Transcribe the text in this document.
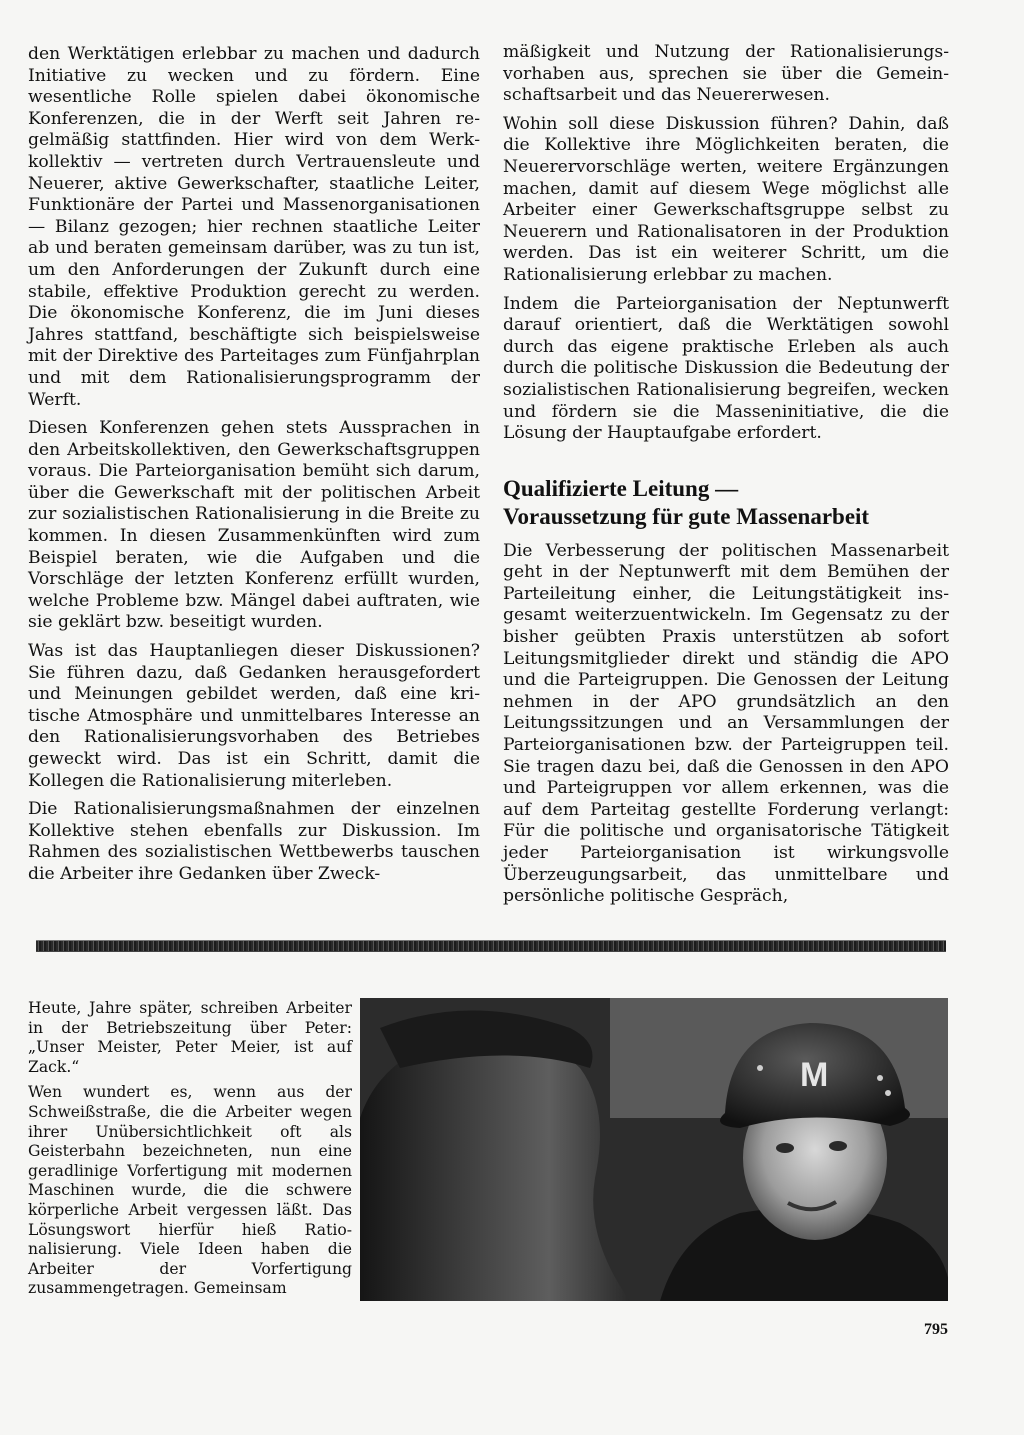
den Werktätigen erlebbar zu machen und dadurch Initiative zu wecken und zu fördern. Eine wesentliche Rolle spielen dabei ökonomische Konferenzen, die in der Werft seit Jahren regelmäßig stattfinden. Hier wird von dem Werkkollektiv — vertreten durch Vertrauensleute und Neuerer, aktive Gewerkschafter, staatliche Leiter, Funktionäre der Partei und Massenorganisationen — Bilanz gezogen; hier rechnen staatliche Leiter ab und beraten gemeinsam darüber, was zu tun ist, um den Anforderungen der Zukunft durch eine stabile, effektive Produktion gerecht zu werden. Die ökonomische Konferenz, die im Juni dieses Jahres stattfand, beschäftigte sich beispielsweise mit der Direktive des Parteitages zum Fünfjahrplan und mit dem Rationalisierungsprogramm der Werft.

Diesen Konferenzen gehen stets Aussprachen in den Arbeitskollektiven, den Gewerkschaftsgruppen voraus. Die Parteiorganisation bemüht sich darum, über die Gewerkschaft mit der politischen Arbeit zur sozialistischen Rationalisierung in die Breite zu kommen. In diesen Zusammenkünften wird zum Beispiel beraten, wie die Aufgaben und die Vorschläge der letzten Konferenz erfüllt wurden, welche Probleme bzw. Mängel dabei auftraten, wie sie geklärt bzw. beseitigt wurden.

Was ist das Hauptanliegen dieser Diskussionen? Sie führen dazu, daß Gedanken herausgefordert und Meinungen gebildet werden, daß eine kritische Atmosphäre und unmittelbares Interesse an den Rationalisierungsvorhaben des Betriebes geweckt wird. Das ist ein Schritt, damit die Kollegen die Rationalisierung miterleben.

Die Rationalisierungsmaßnahmen der einzelnen Kollektive stehen ebenfalls zur Diskussion. Im Rahmen des sozialistischen Wettbewerbs tauschen die Arbeiter ihre Gedanken über Zweck-

mäßigkeit und Nutzung der Rationalisierungsvorhaben aus, sprechen sie über die Gemeinschaftsarbeit und das Neuererwesen.

Wohin soll diese Diskussion führen? Dahin, daß die Kollektive ihre Möglichkeiten beraten, die Neuerervorschläge werten, weitere Ergänzungen machen, damit auf diesem Wege möglichst alle Arbeiter einer Gewerkschaftsgruppe selbst zu Neuerern und Rationalisatoren in der Produktion werden. Das ist ein weiterer Schritt, um die Rationalisierung erlebbar zu machen.

Indem die Parteiorganisation der Neptunwerft darauf orientiert, daß die Werktätigen sowohl durch das eigene praktische Erleben als auch durch die politische Diskussion die Bedeutung der sozialistischen Rationalisierung begreifen, wecken und fördern sie die Masseninitiative, die die Lösung der Hauptaufgabe erfordert.

Qualifizierte Leitung —
Voraussetzung für gute Massenarbeit

Die Verbesserung der politischen Massenarbeit geht in der Neptunwerft mit dem Bemühen der Parteileitung einher, die Leitungstätigkeit insgesamt weiterzuentwickeln. Im Gegensatz zu der bisher geübten Praxis unterstützen ab sofort Leitungsmitglieder direkt und ständig die APO und die Parteigruppen. Die Genossen der Leitung nehmen in der APO grundsätzlich an den Leitungssitzungen und an Versammlungen der Parteiorganisationen bzw. der Parteigruppen teil. Sie tragen dazu bei, daß die Genossen in den APO und Parteigruppen vor allem erkennen, was die auf dem Parteitag gestellte Forderung verlangt: Für die politische und organisatorische Tätigkeit jeder Parteiorganisation ist wirkungsvolle Überzeugungsarbeit, das unmittelbare und persönliche politische Gespräch,

Heute, Jahre später, schreiben Arbeiter in der Betriebszeitung über Peter: „Unser Meister, Peter Meier, ist auf Zack.“

Wen wundert es, wenn aus der Schweißstraße, die die Arbeiter wegen ihrer Unübersichtlichkeit oft als Geisterbahn bezeichneten, nun eine geradlinige Vorfertigung mit modernen Maschinen wurde, die die schwere körperliche Arbeit vergessen läßt. Das Lösungswort hierfür hieß Rationalisierung. Viele Ideen haben die Arbeiter der Vorfertigung zusammengetragen. Gemeinsam

M
795
